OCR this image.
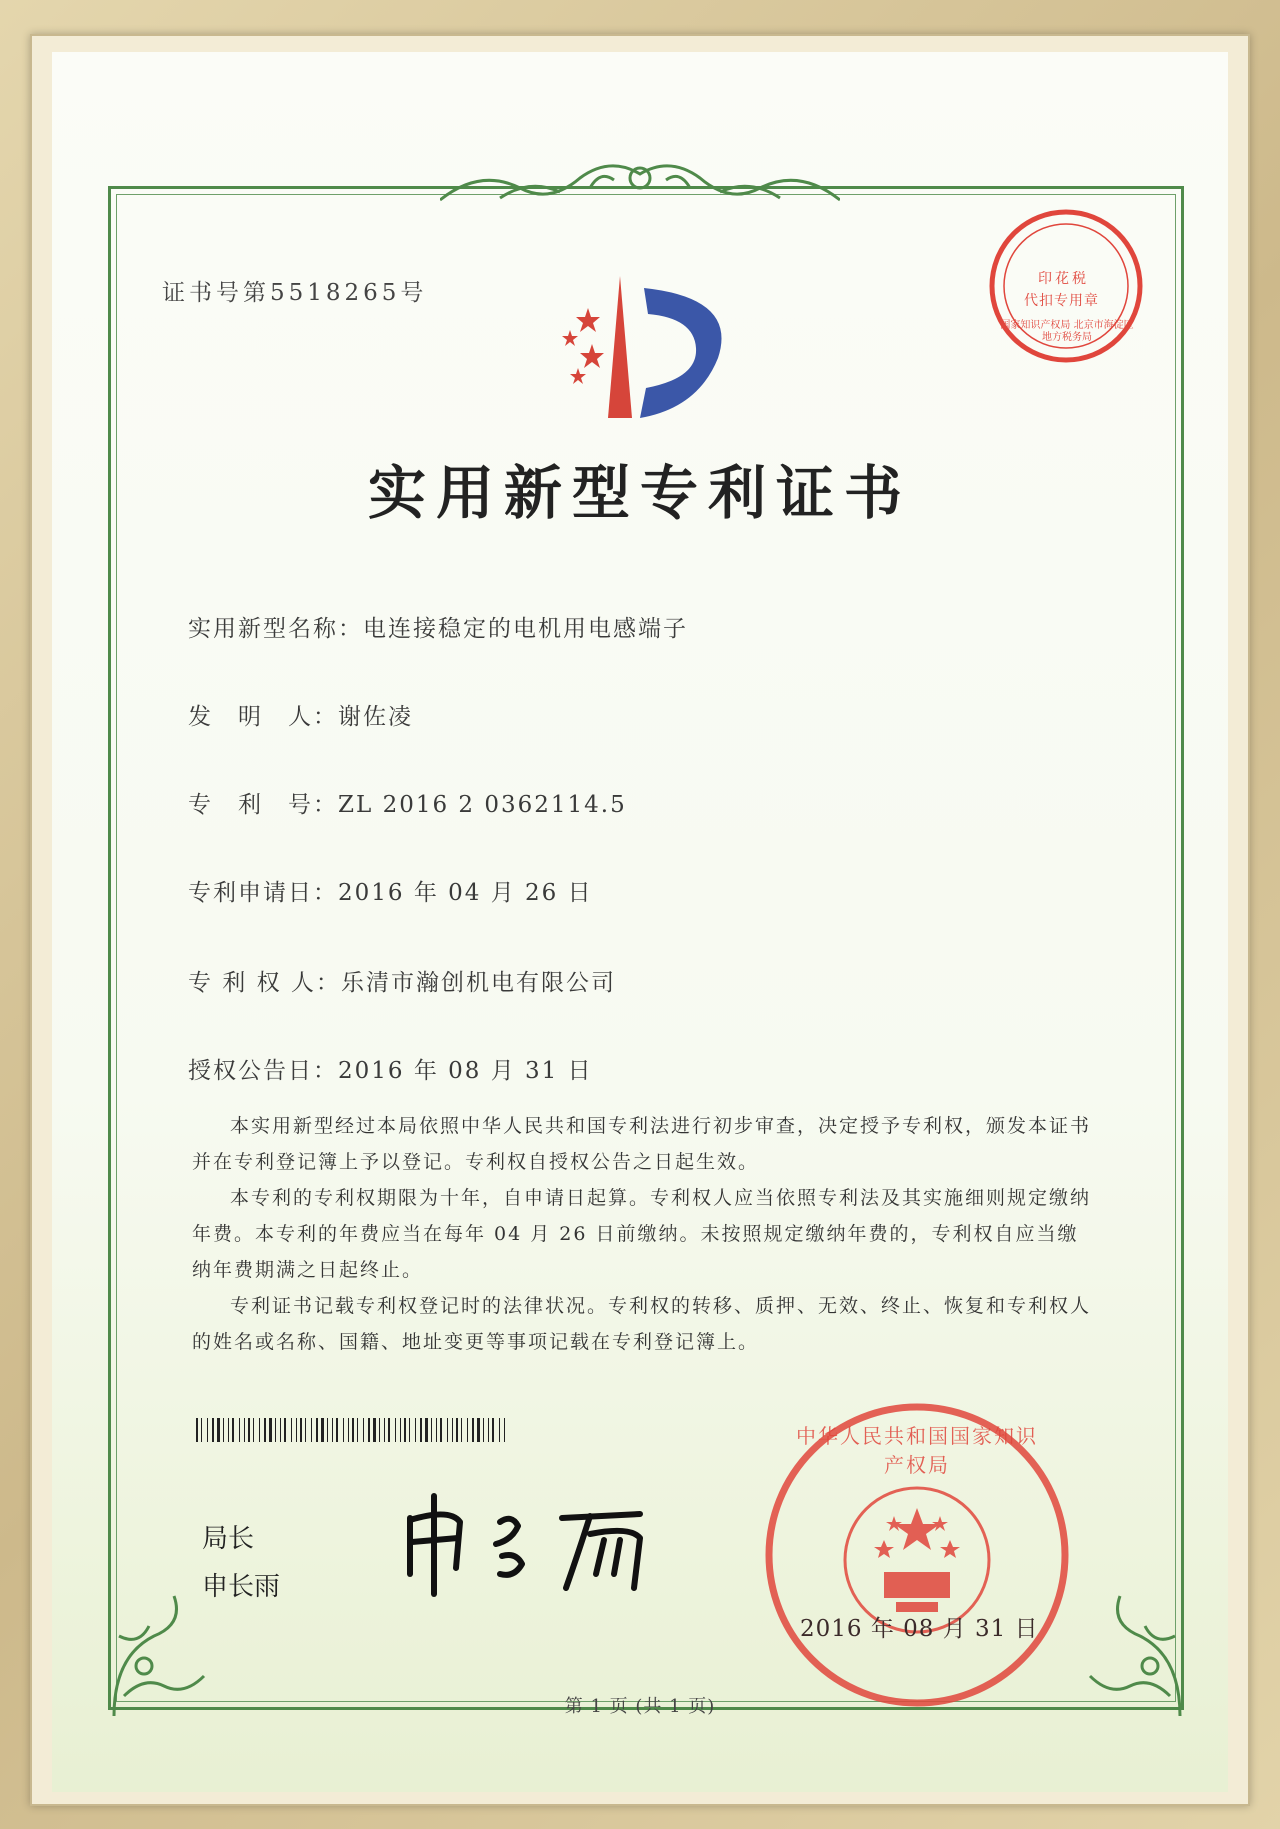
证书号第5518265号
印花税
代扣专用章
国家知识产权局 北京市海淀区地方税务局
实用新型专利证书
实用新型名称：电连接稳定的电机用电感端子
发　明　人：谢佐凌
专　利　号：ZL 2016 2 0362114.5
专利申请日：2016 年 04 月 26 日
专 利 权 人：乐清市瀚创机电有限公司
授权公告日：2016 年 08 月 31 日

本实用新型经过本局依照中华人民共和国专利法进行初步审查，决定授予专利权，颁发本证书并在专利登记簿上予以登记。专利权自授权公告之日起生效。

本专利的专利权期限为十年，自申请日起算。专利权人应当依照专利法及其实施细则规定缴纳年费。本专利的年费应当在每年 04 月 26 日前缴纳。未按照规定缴纳年费的，专利权自应当缴纳年费期满之日起终止。

专利证书记载专利权登记时的法律状况。专利权的转移、质押、无效、终止、恢复和专利权人的姓名或名称、国籍、地址变更等事项记载在专利登记簿上。

局长
申长雨
中华人民共和国国家知识产权局
2016 年 08 月 31 日
第 1 页 (共 1 页)
